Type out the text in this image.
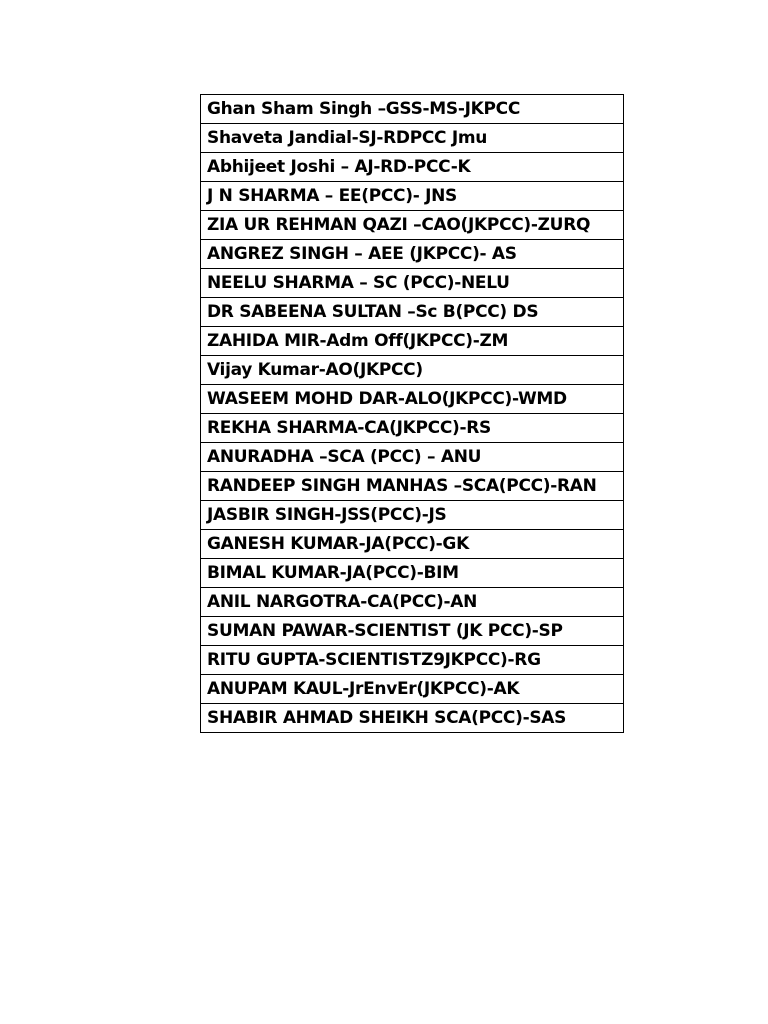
Ghan Sham Singh –GSS-MS-JKPCC
Shaveta Jandial-SJ-RDPCC Jmu
Abhijeet Joshi – AJ-RD-PCC-K
J N SHARMA – EE(PCC)- JNS
ZIA UR REHMAN QAZI –CAO(JKPCC)-ZURQ
ANGREZ SINGH – AEE (JKPCC)- AS
NEELU SHARMA – SC (PCC)-NELU
DR SABEENA SULTAN –Sc B(PCC) DS
ZAHIDA MIR-Adm Off(JKPCC)-ZM
Vijay Kumar-AO(JKPCC)
WASEEM MOHD DAR-ALO(JKPCC)-WMD
REKHA SHARMA-CA(JKPCC)-RS
ANURADHA –SCA (PCC) – ANU
RANDEEP SINGH MANHAS –SCA(PCC)-RAN
JASBIR SINGH-JSS(PCC)-JS
GANESH KUMAR-JA(PCC)-GK
BIMAL KUMAR-JA(PCC)-BIM
ANIL NARGOTRA-CA(PCC)-AN
SUMAN PAWAR-SCIENTIST (JK PCC)-SP
RITU GUPTA-SCIENTISTZ9JKPCC)-RG
ANUPAM KAUL-JrEnvEr(JKPCC)-AK
SHABIR AHMAD SHEIKH SCA(PCC)-SAS
